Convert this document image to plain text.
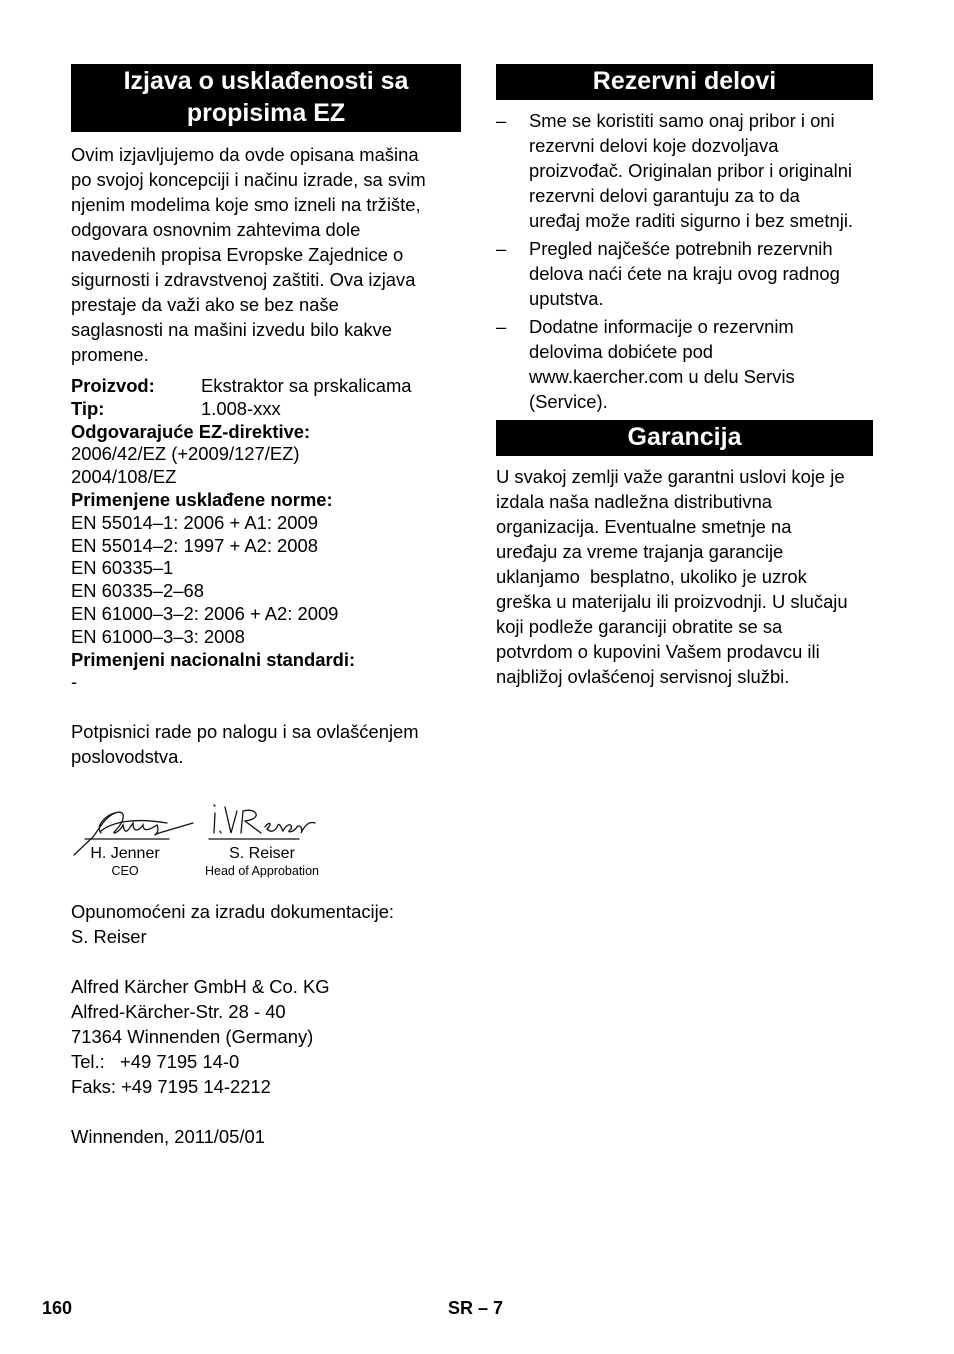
Izjava o usklađenosti sa
propisima EZ

Ovim izjavljujemo da ovde opisana mašina
po svojoj koncepciji i načinu izrade, sa svim
njenim modelima koje smo izneli na tržište,
odgovara osnovnim zahtevima dole
navedenih propisa Evropske Zajednice o
sigurnosti i zdravstvenoj zaštiti. Ova izjava
prestaje da važi ako se bez naše
saglasnosti na mašini izvedu bilo kakve
promene.

Proizvod:	Ekstraktor sa prskalicama
Tip:	1.008-xxx
Odgovarajuće EZ-direktive:
2006/42/EZ (+2009/127/EZ)
2004/108/EZ
Primenjene usklađene norme:
EN 55014–1: 2006 + A1: 2009
EN 55014–2: 1997 + A2: 2008
EN 60335–1
EN 60335–2–68
EN 61000–3–2: 2006 + A2: 2009
EN 61000–3–3: 2008
Primenjeni nacionalni standardi:
-

Potpisnici rade po nalogu i sa ovlašćenjem
poslovodstva.

H. Jenner
CEO
S. Reiser
Head of Approbation

Opunomoćeni za izradu dokumentacije:
S. Reiser

Alfred Kärcher GmbH & Co. KG
Alfred-Kärcher-Str. 28 - 40
71364 Winnenden (Germany)
Tel.:   +49 7195 14-0
Faks: +49 7195 14-2212

Winnenden, 2011/05/01

Rezervni delovi
– Sme se koristiti samo onaj pribor i oni
rezervni delovi koje dozvoljava
proizvođač. Originalan pribor i originalni
rezervni delovi garantuju za to da
uređaj može raditi sigurno i bez smetnji.
– Pregled najčešće potrebnih rezervnih
delova naći ćete na kraju ovog radnog
uputstva.
– Dodatne informacije o rezervnim
delovima dobićete pod
www.kaercher.com u delu Servis
(Service).
Garancija

U svakoj zemlji važe garantni uslovi koje je
izdala naša nadležna distributivna
organizacija. Eventualne smetnje na
uređaju za vreme trajanja garancije
uklanjamo  besplatno, ukoliko je uzrok
greška u materijalu ili proizvodnji. U slučaju
koji podleže garanciji obratite se sa
potvrdom o kupovini Vašem prodavcu ili
najbližoj ovlašćenoj servisnoj službi.

160	SR – 7
